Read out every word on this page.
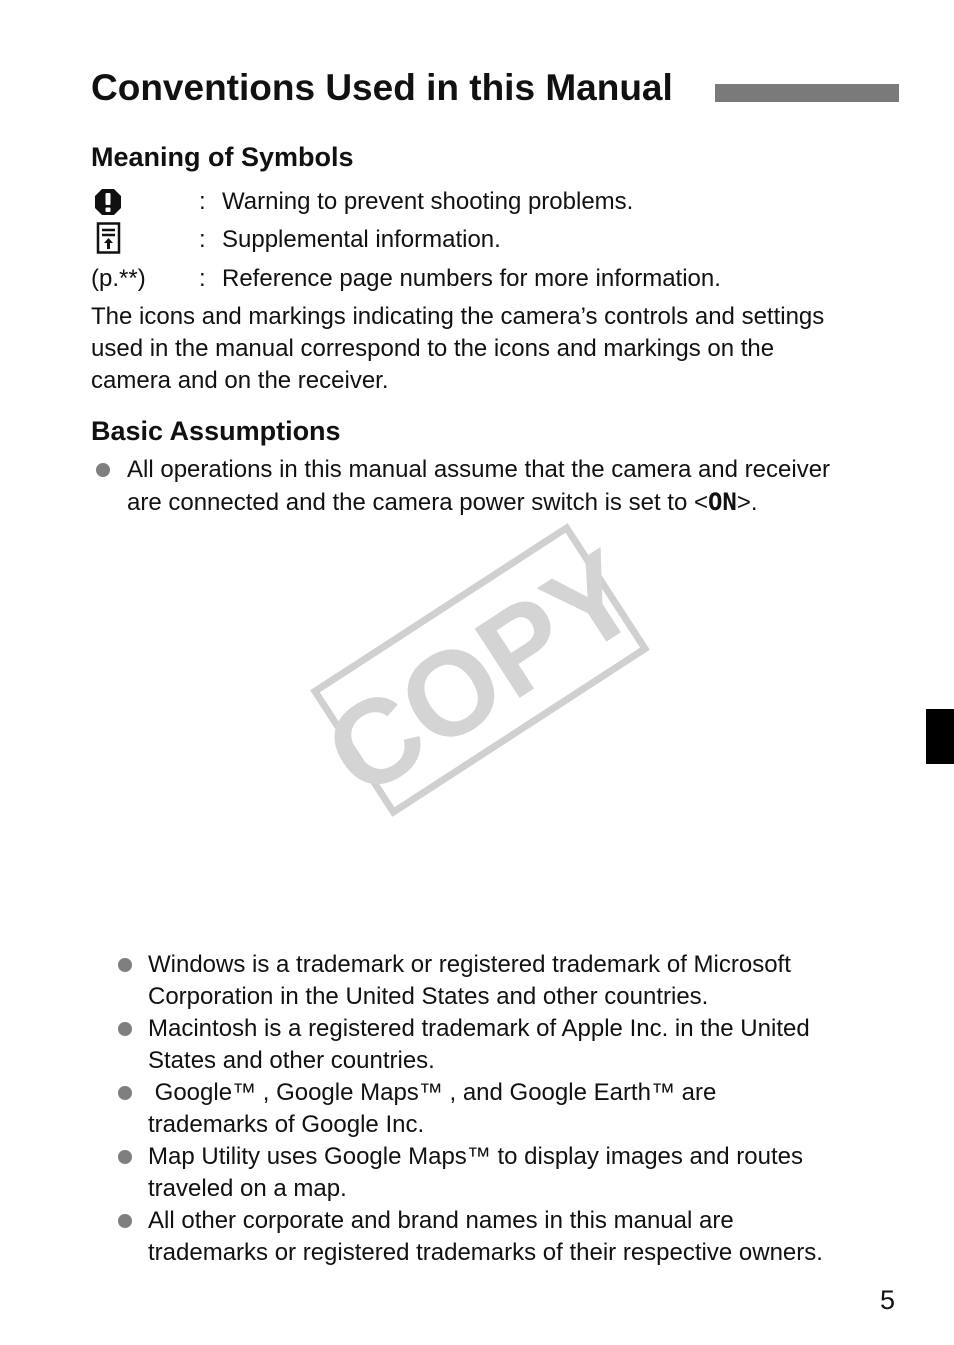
Conventions Used in this Manual
Meaning of Symbols
: Warning to prevent shooting problems.
: Supplemental information.
(p.**) : Reference page numbers for more information.
The icons and markings indicating the camera’s controls and settings
used in the manual correspond to the icons and markings on the
camera and on the receiver.
Basic Assumptions
All operations in this manual assume that the camera and receiver
are connected and the camera power switch is set to <ON>.
COPY
Windows is a trademark or registered trademark of Microsoft
Corporation in the United States and other countries.
Macintosh is a registered trademark of Apple Inc. in the United
States and other countries.
Google™ , Google Maps™ , and Google Earth™ are
trademarks of Google Inc.
Map Utility uses Google Maps™ to display images and routes
traveled on a map.
All other corporate and brand names in this manual are
trademarks or registered trademarks of their respective owners.
5
